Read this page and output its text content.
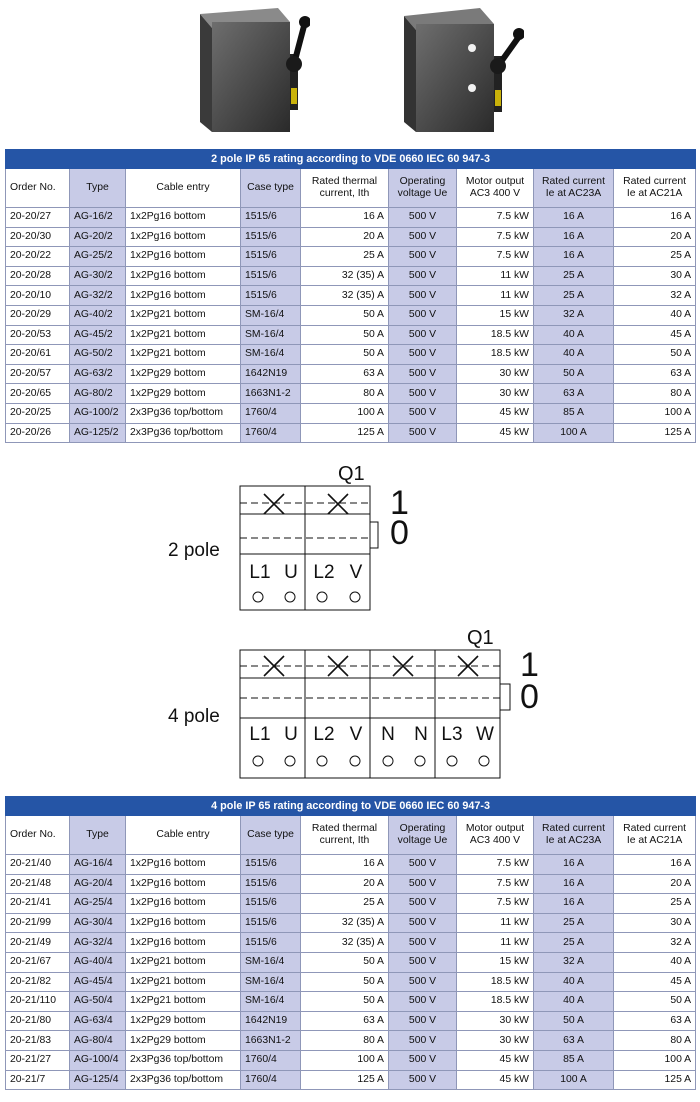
2 pole IP 65 rating according to VDE 0660 IEC 60 947-3								
Order No.	Type	Cable entry	Case type	Rated thermal current, Ith	Operating voltage Ue	Motor output AC3 400 V	Rated current Ie at AC23A	Rated current Ie at AC21A
20-20/27	AG-16/2	1x2Pg16 bottom	1515/6	16 A	500 V	7.5 kW	16 A	16 A
20-20/30	AG-20/2	1x2Pg16 bottom	1515/6	20 A	500 V	7.5 kW	16 A	20 A
20-20/22	AG-25/2	1x2Pg16 bottom	1515/6	25 A	500 V	7.5 kW	16 A	25 A
20-20/28	AG-30/2	1x2Pg16 bottom	1515/6	32 (35) A	500 V	11 kW	25 A	30 A
20-20/10	AG-32/2	1x2Pg16 bottom	1515/6	32 (35) A	500 V	11 kW	25 A	32 A
20-20/29	AG-40/2	1x2Pg21 bottom	SM-16/4	50 A	500 V	15 kW	32 A	40 A
20-20/53	AG-45/2	1x2Pg21 bottom	SM-16/4	50 A	500 V	18.5 kW	40 A	45 A
20-20/61	AG-50/2	1x2Pg21 bottom	SM-16/4	50 A	500 V	18.5 kW	40 A	50 A
20-20/57	AG-63/2	1x2Pg29 bottom	1642N19	63 A	500 V	30 kW	50 A	63 A
20-20/65	AG-80/2	1x2Pg29 bottom	1663N1-2	80 A	500 V	30 kW	63 A	80 A
20-20/25	AG-100/2	2x3Pg36 top/bottom	1760/4	100 A	500 V	45 kW	85 A	100 A
20-20/26	AG-125/2	2x3Pg36 top/bottom	1760/4	125 A	500 V	45 kW	100 A	125 A
2 pole
Q1
1
0
L1 U L2 V
4 pole
Q1
1
0
L1 U L2 V N N L3 W
4 pole IP 65 rating according to VDE 0660 IEC 60 947-3								
Order No.	Type	Cable entry	Case type	Rated thermal current, Ith	Operating voltage Ue	Motor output AC3 400 V	Rated current Ie at AC23A	Rated current Ie at AC21A
20-21/40	AG-16/4	1x2Pg16 bottom	1515/6	16 A	500 V	7.5 kW	16 A	16 A
20-21/48	AG-20/4	1x2Pg16 bottom	1515/6	20 A	500 V	7.5 kW	16 A	20 A
20-21/41	AG-25/4	1x2Pg16 bottom	1515/6	25 A	500 V	7.5 kW	16 A	25 A
20-21/99	AG-30/4	1x2Pg16 bottom	1515/6	32 (35) A	500 V	11 kW	25 A	30 A
20-21/49	AG-32/4	1x2Pg16 bottom	1515/6	32 (35) A	500 V	11 kW	25 A	32 A
20-21/67	AG-40/4	1x2Pg21 bottom	SM-16/4	50 A	500 V	15 kW	32 A	40 A
20-21/82	AG-45/4	1x2Pg21 bottom	SM-16/4	50 A	500 V	18.5 kW	40 A	45 A
20-21/110	AG-50/4	1x2Pg21 bottom	SM-16/4	50 A	500 V	18.5 kW	40 A	50 A
20-21/80	AG-63/4	1x2Pg29 bottom	1642N19	63 A	500 V	30 kW	50 A	63 A
20-21/83	AG-80/4	1x2Pg29 bottom	1663N1-2	80 A	500 V	30 kW	63 A	80 A
20-21/27	AG-100/4	2x3Pg36 top/bottom	1760/4	100 A	500 V	45 kW	85 A	100 A
20-21/7	AG-125/4	2x3Pg36 top/bottom	1760/4	125 A	500 V	45 kW	100 A	125 A
